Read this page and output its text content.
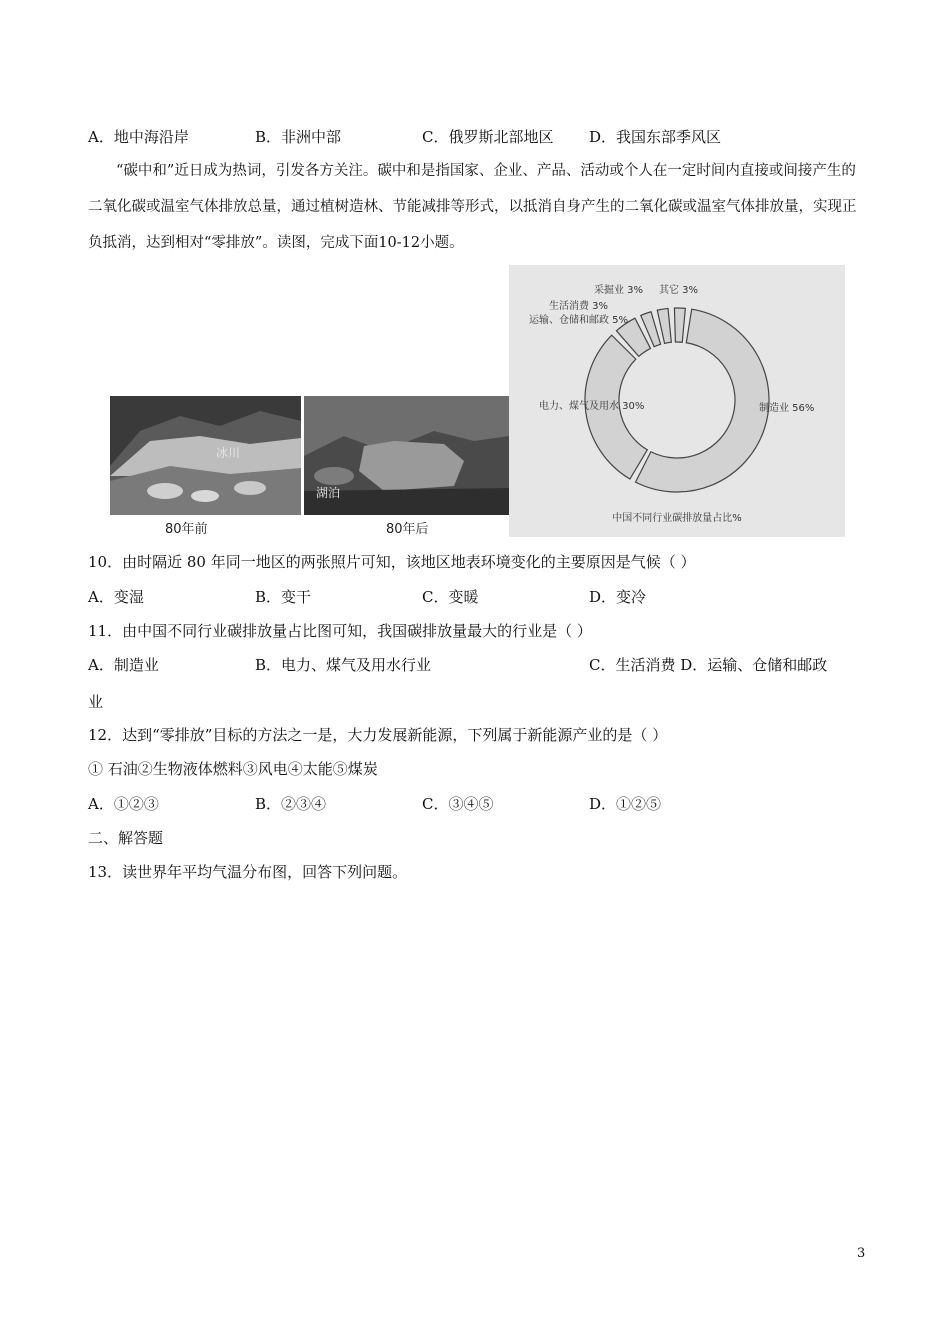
A．地中海沿岸	B．非洲中部	C．俄罗斯北部地区 D．我国东部季风区
“碳中和”近日成为热词，引发各方关注。碳中和是指国家、企业、产品、活动或个人在一定时间内直接或间接产生的二氧化碳或温室气体排放总量，通过植树造林、节能减排等形式，以抵消自身产生的二氧化碳或温室气体排放量，实现正负抵消，达到相对“零排放”。读图，完成下面10-12小题。
冰川
80年前
湖泊
80年后
制造业 56%
电力、煤气及用水 30%
运输、仓储和邮政 5%
生活消费 3%
采掘业 3% 其它 3%
中国不同行业碳排放量占比%
10．由时隔近 80 年同一地区的两张照片可知，该地区地表环境变化的主要原因是气候（ ）
A．变湿	B．变干	C．变暖	D．变冷
11．由中国不同行业碳排放量占比图可知，我国碳排放量最大的行业是（ ）
A．制造业	B．电力、煤气及用水行业	C．生活消费 D．运输、仓储和邮政
业
12．达到“零排放”目标的方法之一是，大力发展新能源，下列属于新能源产业的是（ ）
① 石油②生物液体燃料③风电④太能⑤煤炭
A．①②③	B．②③④	C．③④⑤	D．①②⑤
二、解答题
13．读世界年平均气温分布图，回答下列问题。
3
